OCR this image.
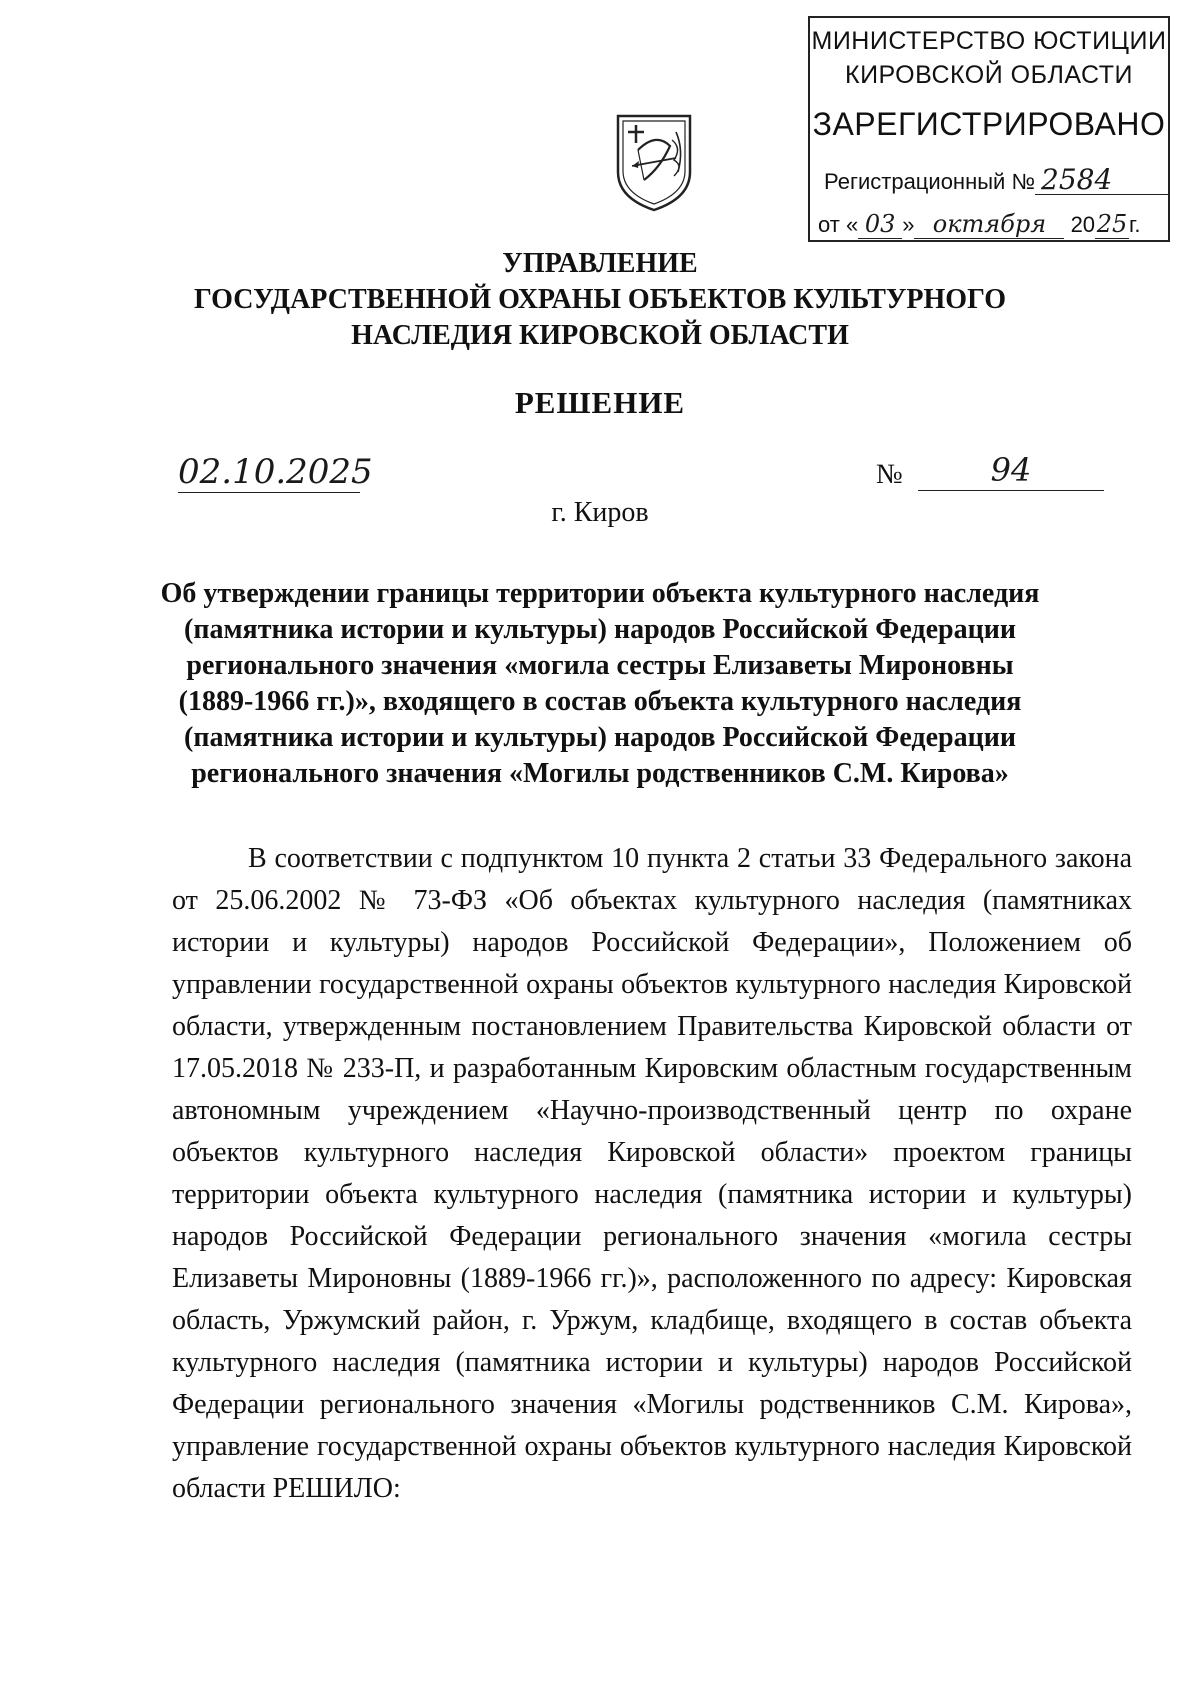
МИНИСТЕРСТВО ЮСТИЦИИ
КИРОВСКОЙ ОБЛАСТИ
ЗАРЕГИСТРИРОВАНО
Регистрационный № 2584
от « 03 » октября 2025г.
УПРАВЛЕНИЕ
ГОСУДАРСТВЕННОЙ ОХРАНЫ ОБЪЕКТОВ КУЛЬТУРНОГО
НАСЛЕДИЯ КИРОВСКОЙ ОБЛАСТИ
РЕШЕНИЕ
02.10.2025	№	94
г. Киров
Об утверждении границы территории объекта культурного наследия
(памятника истории и культуры) народов Российской Федерации
регионального значения «могила сестры Елизаветы Мироновны
(1889-1966 гг.)», входящего в состав объекта культурного наследия
(памятника истории и культуры) народов Российской Федерации
регионального значения «Могилы родственников С.М. Кирова»

В соответствии с подпунктом 10 пункта 2 статьи 33 Федерального закона от 25.06.2002 № 73-ФЗ «Об объектах культурного наследия (памятниках истории и культуры) народов Российской Федерации», Положением об управлении государственной охраны объектов культурного наследия Кировской области, утвержденным постановлением Правительства Кировской области от 17.05.2018 № 233-П, и разработанным Кировским областным государственным автономным учреждением «Научно-производственный центр по охране объектов культурного наследия Кировской области» проектом границы территории объекта культурного наследия (памятника истории и культуры) народов Российской Федерации регионального значения «могила сестры Елизаветы Мироновны (1889-1966 гг.)», расположенного по адресу: Кировская область, Уржумский район, г. Уржум, кладбище, входящего в состав объекта культурного наследия (памятника истории и культуры) народов Российской Федерации регионального значения «Могилы родственников С.М. Кирова», управление государственной охраны объектов культурного наследия Кировской области РЕШИЛО:
